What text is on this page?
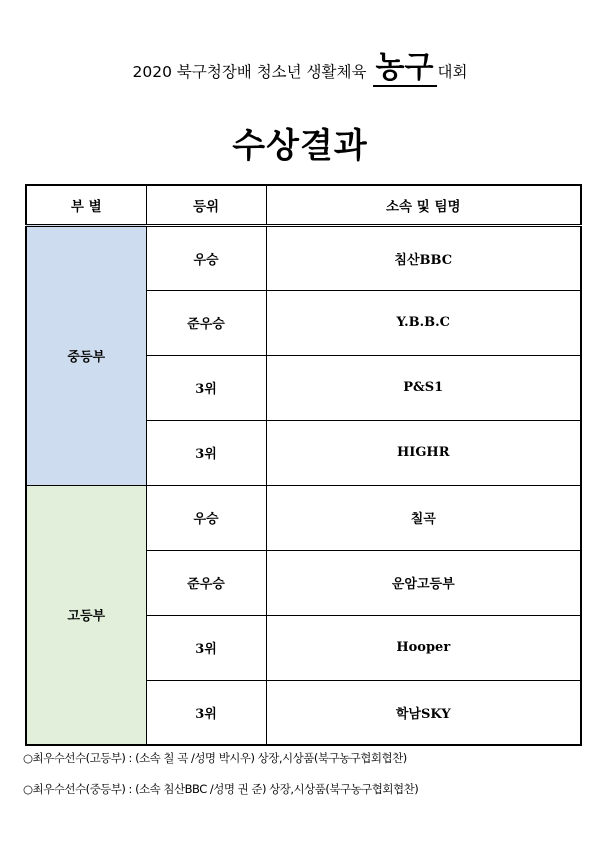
2020 북구청장배 청소년 생활체육 농구 대회
수상결과
부 별	등위	소속 및 팀명
중등부	우승	침산BBC
	준우승	Y.B.B.C
	3위	P&S1
	3위	HIGHR
고등부	우승	칠곡
	준우승	운암고등부
	3위	Hooper
	3위	학남SKY
○최우수선수(고등부) : (소속 칠 곡 /성명 박시우) 상장,시상품(북구농구협회협찬)
○최우수선수(중등부) : (소속 침산BBC /성명 권 준) 상장,시상품(북구농구협회협찬)
